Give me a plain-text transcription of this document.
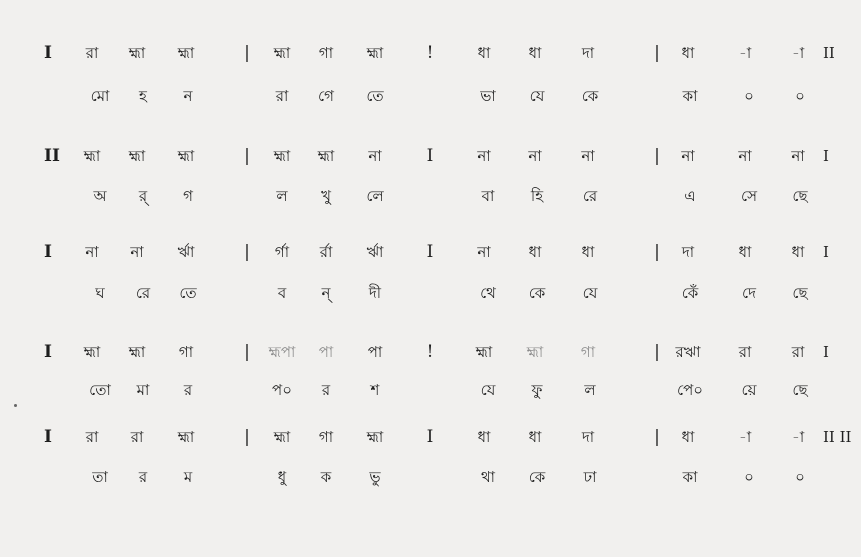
I রা হ্মা হ্মা	| হ্মা গা হ্মা	!	ধা	ধা	দা	| ধা	-া	-া II
মো হ ন	রা গে তে	ভা যে কে	কা	০	০
II হ্মা হ্মা হ্মা	| হ্মা হ্মা না	I	না	না	না	| না	না	না I
অ র্ গ	ল খু লে	বা হি	রে	এ	সে ছে
I না না র্ঋা	| র্গা র্রা র্ঋা	I	না	ধা	ধা	| দা	ধা	ধা I
ঘ রে তে	ব ন্	দী	থে কে যে	কেঁ	দে ছে
I হ্মা হ্মা গা	| হ্মপা পা পা	!	হ্মা হ্মা	গা	| রঋা	রা	রা I
তো মা র	প০ র	শ	যে ফু	ল	পে০	য়ে ছে
I রা রা হ্মা	| হ্মা গা হ্মা	I	ধা	ধা	দা	| ধা	-া	-া II II
তা র ম	ধু ক	ভু	থা কে	ঢা	কা	০	০
